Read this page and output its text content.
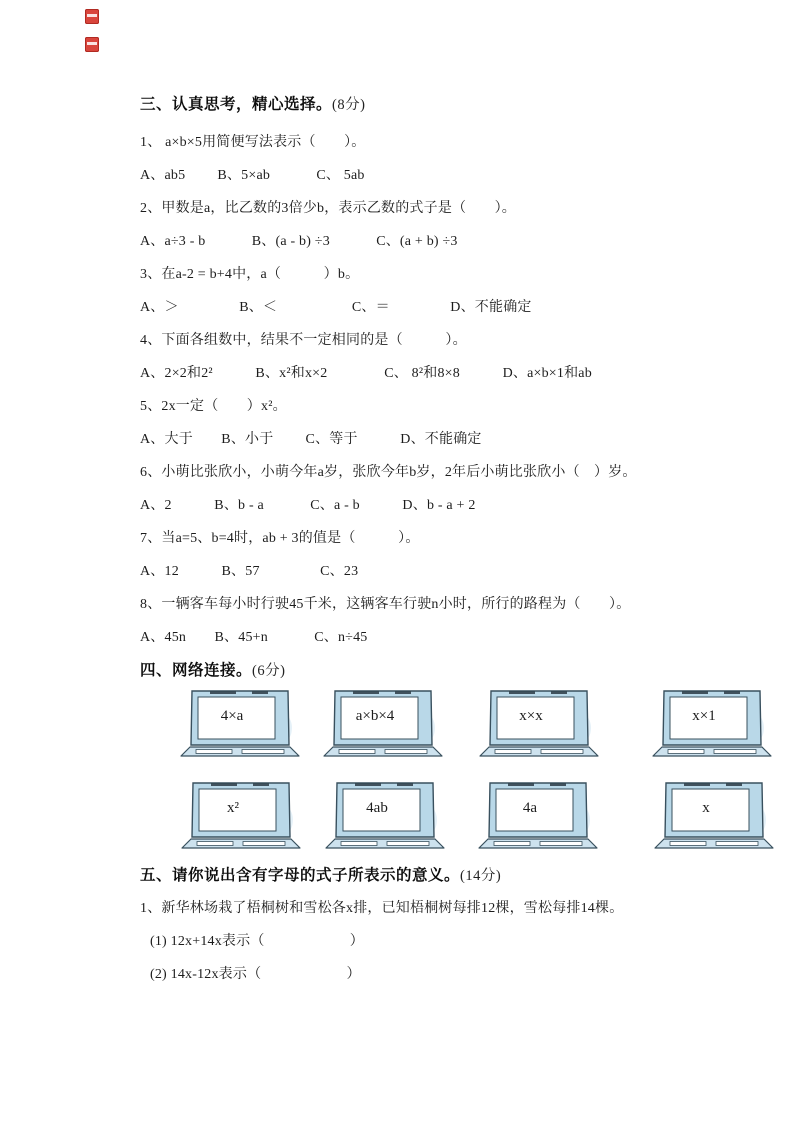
三、认真思考，精心选择。(8分)
1、 a×b×5用简便写法表示（　　）。
A、ab5　　 B、5×ab　　　 C、 5ab
2、甲数是a，比乙数的3倍少b，表示乙数的式子是（　　）。
A、a÷3 - b　　　 B、(a - b) ÷3　　　 C、(a + b) ÷3
3、在a-2 = b+4中，a（　　　）b。
A、＞　　　　 B、＜　　　　　 C、＝　　　　 D、不能确定
4、下面各组数中，结果不一定相同的是（　　　）。
A、2×2和2²　　　B、x²和x×2　　　　C、 8²和8×8　　　D、a×b×1和ab
5、2x一定（　　）x²。
A、大于　　B、小于　　 C、等于　　　D、不能确定
6、小萌比张欣小，小萌今年a岁，张欣今年b岁，2年后小萌比张欣小（　）岁。
A、2　　　B、b - a　　　 C、a - b　　　D、b - a + 2
7、当a=5、b=4时，ab + 3的值是（　　　）。
A、12　　　B、57　　　　 C、23
8、一辆客车每小时行驶45千米，这辆客车行驶n小时，所行的路程为（　　）。
A、45n　　B、45+n　　　 C、n÷45
四、网络连接。(6分)
4×a	a×b×4	x×x	x×1
x²	4ab	4a	x
五、请你说出含有字母的式子所表示的意义。(14分)
1、新华林场栽了梧桐树和雪松各x排，已知梧桐树每排12棵，雪松每排14棵。
(1) 12x+14x表示（　　　　　　）
(2) 14x-12x表示（　　　　　　）
